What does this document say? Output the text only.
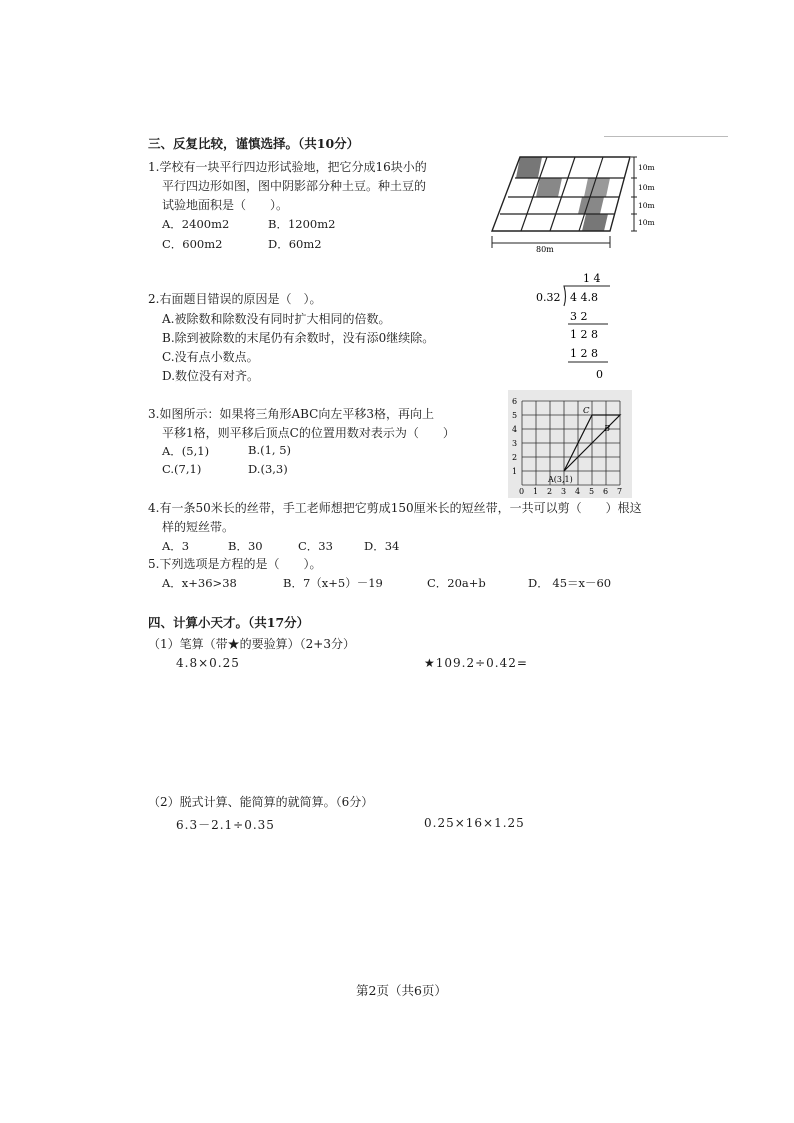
三、反复比较，谨慎选择。（共10分）
1.学校有一块平行四边形试验地，把它分成16块小的
平行四边形如图，图中阴影部分种土豆。种土豆的
试验地面积是（　　）。
A．2400m2	B．1200m2
C．600m2	D．60m2
10m
10m
10m
10m
80m
2.右面题目错误的原因是（　）。
A.被除数和除数没有同时扩大相同的倍数。
B.除到被除数的末尾仍有余数时，没有添0继续除。
C.没有点小数点。
D.数位没有对齐。
1 4
0.32 4 4.8
3 2
1 2 8
1 2 8
0
3.如图所示：如果将三角形ABC向左平移3格，再向上
平移1格，则平移后顶点C的位置用数对表示为（　　）
A．(5,1)	B.(1, 5)
C.(7,1)	D.(3,3)
C
B
A(3,1)
0 1 2 3 4 5 6 7
1
2
3
4
5
6
4.有一条50米长的丝带，手工老师想把它剪成150厘米长的短丝带，一共可以剪（　　）根这
样的短丝带。
A．3	B．30	C．33	D．34
5.下列选项是方程的是（　　）。
A．x+36>38	B．7（x+5）－19	C．20a+b	D． 45＝x－60
四、计算小天才。（共17分）
（1）笔算（带★的要验算）（2+3分）
4.8×0.25	★109.2÷0.42=
（2）脱式计算、能简算的就简算。（6分）
6.3－2.1÷0.35	0.25×16×1.25
第2页（共6页）
